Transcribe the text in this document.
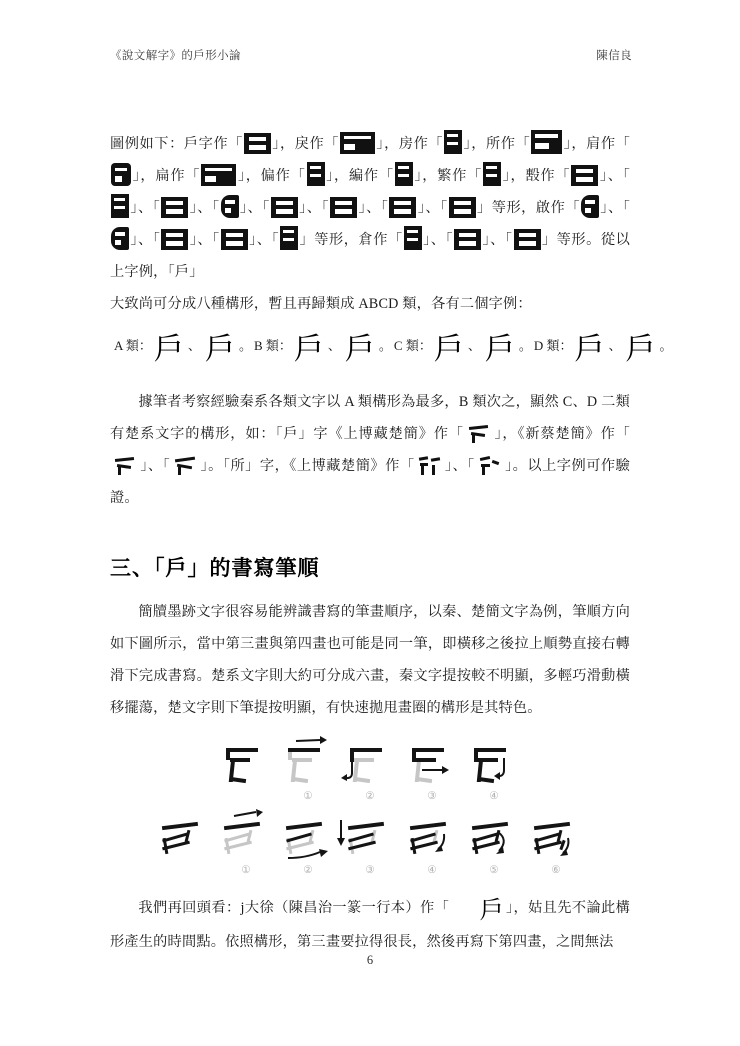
《說文解字》的戶形小論	陳信良

圖例如下：戶字作「 」，戾作「	」，房作「 」，所作「 」，肩作「」，扁作「	」，偏作「 」，編作「 」，繁作「 」，毄作「 」、「」、「 」、「 」、「 」、「 」、「 」、「 」等形，啟作「 」、「」、「 」、「 」、「 」等形，倉作「 」、「 」、「 」等形。從以上字例，「戶」

大致尚可分成八種構形，暫且再歸類成 ABCD 類，各有二個字例：

A 類：戶 、 戶 。 B 類：戶 、 戶 。 C 類：戶 、 戶 。 D 類：戶 、 戶 。

據筆者考察經驗秦系各類文字以 A 類構形為最多，B 類次之，顯然 C、D 二類有楚系文字的構形，如：「戶」字《上博藏楚簡》作「 」，《新蔡楚簡》作「
」、「 」。「所」字，《上博藏楚簡》作「 」、「 」。以上字例可作驗證。

三、「戶」的書寫筆順

簡牘墨跡文字很容易能辨識書寫的筆畫順序，以秦、楚簡文字為例，筆順方向如下圖所示，當中第三畫與第四畫也可能是同一筆，即橫移之後拉上順勢直接右轉滑下完成書寫。楚系文字則大約可分成六畫，秦文字提按較不明顯，多輕巧滑動橫移擺蕩，楚文字則下筆提按明顯，有快速拋甩畫圈的構形是其特色。

①	②	③	④

①	②	③	④	⑤	⑥

我們再回頭看：j大徐（陳昌治一篆一行本）作「 戶 」，姑且先不論此構形產生的時間點。依照構形，第三畫要拉得很長，然後再寫下第四畫，之間無法

6
